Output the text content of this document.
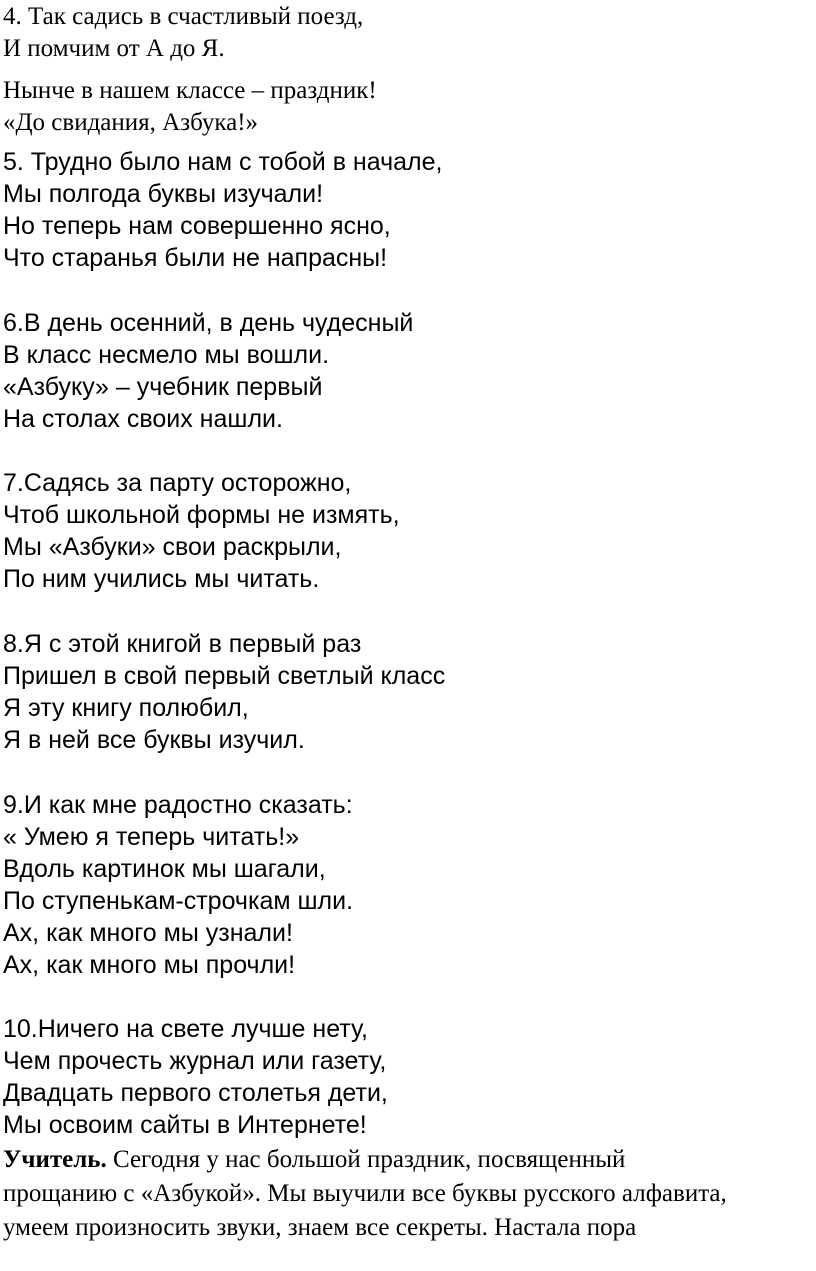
4. Так садись в счастливый поезд,
И помчим от А до Я.
Нынче в нашем классе – праздник!
«До свидания, Азбука!»
5. Трудно было нам с тобой в начале,
Мы полгода буквы изучали!
Но теперь нам совершенно ясно,
Что старанья были не напрасны!
6.В день осенний, в день чудесный
В класс несмело мы вошли.
«Азбуку» – учебник первый
На столах своих нашли.
7.Садясь за парту осторожно,
Чтоб школьной формы не измять,
Мы «Азбуки» свои раскрыли,
По ним учились мы читать.
8.Я с этой книгой в первый раз
Пришел в свой первый светлый класс
Я эту книгу полюбил,
Я в ней все буквы изучил.
9.И как мне радостно сказать:
« Умею я теперь читать!»
Вдоль картинок мы шагали,
По ступенькам-строчкам шли.
Ах, как много мы узнали!
Ах, как много мы прочли!
10.Ничего на свете лучше нету,
Чем прочесть журнал или газету,
Двадцать первого столетья дети,
Мы освоим сайты в Интернете!
Учитель. Сегодня у нас большой праздник, посвященный
прощанию с «Азбукой». Мы выучили все буквы русского алфавита,
умеем произносить звуки, знаем все секреты. Настала пора
